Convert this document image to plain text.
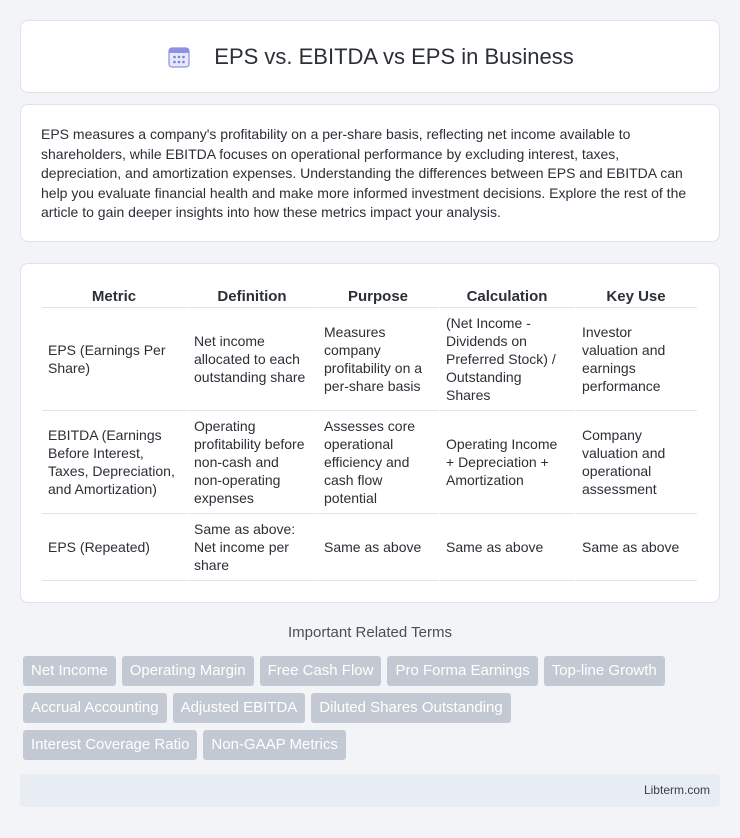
EPS vs. EBITDA vs EPS in Business

EPS measures a company's profitability on a per-share basis, reflecting net income available to shareholders, while EBITDA focuses on operational performance by excluding interest, taxes, depreciation, and amortization expenses. Understanding the differences between EPS and EBITDA can help you evaluate financial health and make more informed investment decisions. Explore the rest of the article to gain deeper insights into how these metrics impact your analysis.

Metric	Definition	Purpose	Calculation	Key Use
EPS (Earnings Per Share)	Net income allocated to each outstanding share	Measures company profitability on a per-share basis	(Net Income - Dividends on Preferred Stock) / Outstanding Shares	Investor valuation and earnings performance
EBITDA (Earnings Before Interest, Taxes, Depreciation, and Amortization)	Operating profitability before non-cash and non-operating expenses	Assesses core operational efficiency and cash flow potential	Operating Income + Depreciation + Amortization	Company valuation and operational assessment
EPS (Repeated)	Same as above: Net income per share	Same as above	Same as above	Same as above
Important Related Terms
Net Income	Operating Margin	Free Cash Flow	Pro Forma Earnings	Top-line Growth
Accrual Accounting	Adjusted EBITDA	Diluted Shares Outstanding
Interest Coverage Ratio	Non-GAAP Metrics
Libterm.com
